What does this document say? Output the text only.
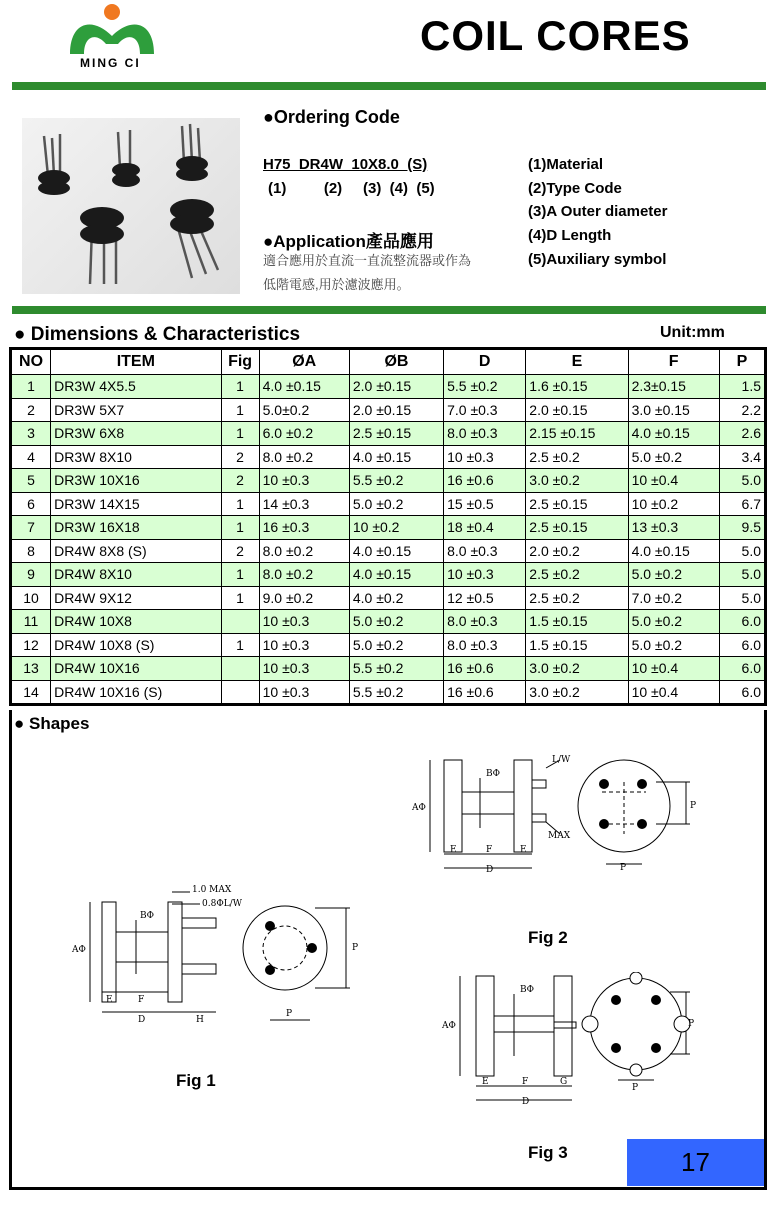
MING CI
COIL CORES
●Ordering Code
H75  DR4W  10X8.0  (S)
(1)         (2)     (3)  (4)  (5)
(1)Material
(2)Type Code
(3)A Outer diameter
(4)D Length
(5)Auxiliary symbol
●Application產品應用
適合應用於直流一直流整流器或作為
低階電感,用於濾波應用。
● Dimensions & Characteristics	Unit:mm
NO	ITEM	Fig	ØA	ØB	D	E	F	P
1	DR3W 4X5.5	1	4.0 ±0.15	2.0 ±0.15	5.5 ±0.2	1.6 ±0.15	2.3±0.15	1.5
2	DR3W 5X7	1	5.0±0.2	2.0 ±0.15	7.0 ±0.3	2.0 ±0.15	3.0 ±0.15	2.2
3	DR3W 6X8	1	6.0 ±0.2	2.5 ±0.15	8.0 ±0.3	2.15 ±0.15	4.0 ±0.15	2.6
4	DR3W 8X10	2	8.0 ±0.2	4.0 ±0.15	10 ±0.3	2.5 ±0.2	5.0 ±0.2	3.4
5	DR3W 10X16	2	10 ±0.3	5.5 ±0.2	16 ±0.6	3.0 ±0.2	10 ±0.4	5.0
6	DR3W 14X15	1	14 ±0.3	5.0 ±0.2	15 ±0.5	2.5 ±0.15	10 ±0.2	6.7
7	DR3W 16X18	1	16 ±0.3	10 ±0.2	18 ±0.4	2.5 ±0.15	13 ±0.3	9.5
8	DR4W 8X8 (S)	2	8.0 ±0.2	4.0 ±0.15	8.0 ±0.3	2.0 ±0.2	4.0 ±0.15	5.0
9	DR4W 8X10	1	8.0 ±0.2	4.0 ±0.15	10 ±0.3	2.5 ±0.2	5.0 ±0.2	5.0
10	DR4W 9X12	1	9.0 ±0.2	4.0 ±0.2	12 ±0.5	2.5 ±0.2	7.0 ±0.2	5.0
11	DR4W 10X8		10 ±0.3	5.0 ±0.2	8.0 ±0.3	1.5 ±0.15	5.0 ±0.2	6.0
12	DR4W 10X8 (S)	1	10 ±0.3	5.0 ±0.2	8.0 ±0.3	1.5 ±0.15	5.0 ±0.2	6.0
13	DR4W 10X16		10 ±0.3	5.5 ±0.2	16 ±0.6	3.0 ±0.2	10 ±0.4	6.0
14	DR4W 10X16 (S)		10 ±0.3	5.5 ±0.2	16 ±0.6	3.0 ±0.2	10 ±0.4	6.0
● Shapes
1.0 MAX
0.8ΦL/W
BΦ
AΦ
E	F
D	H
P
P
Fig 1
L/W
BΦ
AΦ
MAX
E	F	E
D	P
P
Fig 2
BΦ
AΦ
E	F	G
D
P
P
Fig 3	17
